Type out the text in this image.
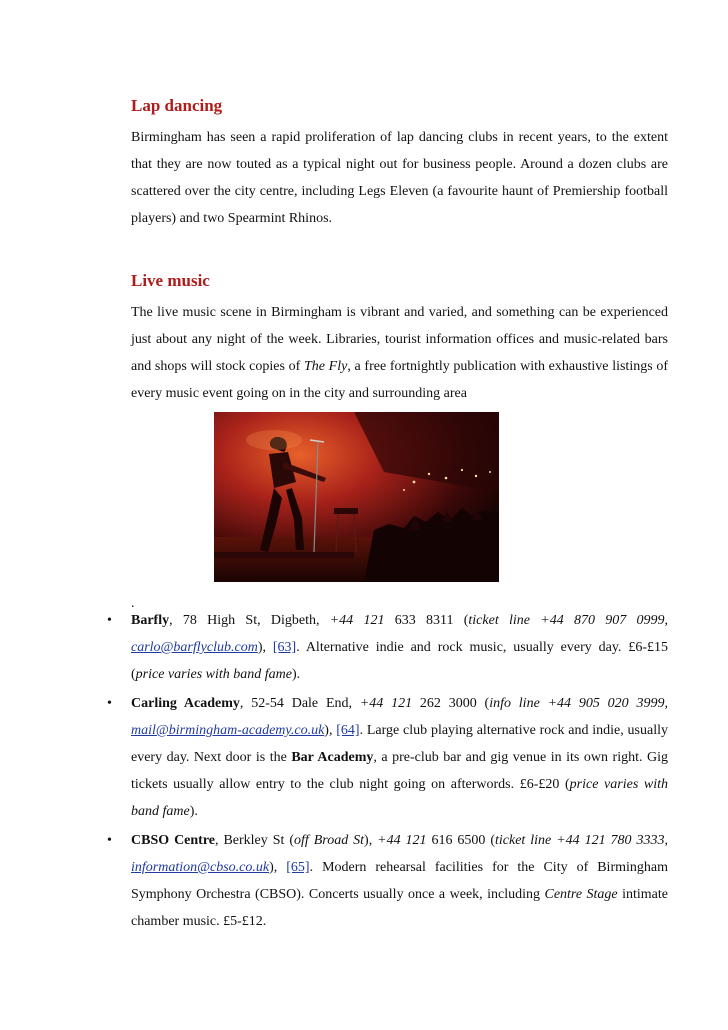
Lap dancing

Birmingham has seen a rapid proliferation of lap dancing clubs in recent years, to the extent that they are now touted as a typical night out for business people. Around a dozen clubs are scattered over the city centre, including Legs Eleven (a favourite haunt of Premiership football players) and two Spearmint Rhinos.

Live music

The live music scene in Birmingham is vibrant and varied, and something can be experienced just about any night of the week. Libraries, tourist information offices and music-related bars and shops will stock copies of The Fly, a free fortnightly publication with exhaustive listings of every music event going on in the city and surrounding area

.
• Barfly, 78 High St, Digbeth, +44 121 633 8311 (ticket line +44 870 907 0999, carlo@barflyclub.com), [63]. Alternative indie and rock music, usually every day. £6-£15 (price varies with band fame).
• Carling Academy, 52-54 Dale End, +44 121 262 3000 (info line +44 905 020 3999, mail@birmingham-academy.co.uk), [64]. Large club playing alternative rock and indie, usually every day. Next door is the Bar Academy, a pre-club bar and gig venue in its own right. Gig tickets usually allow entry to the club night going on afterwords. £6-£20 (price varies with band fame).
• CBSO Centre, Berkley St (off Broad St), +44 121 616 6500 (ticket line +44 121 780 3333, information@cbso.co.uk), [65]. Modern rehearsal facilities for the City of Birmingham Symphony Orchestra (CBSO). Concerts usually once a week, including Centre Stage intimate chamber music. £5-£12.
